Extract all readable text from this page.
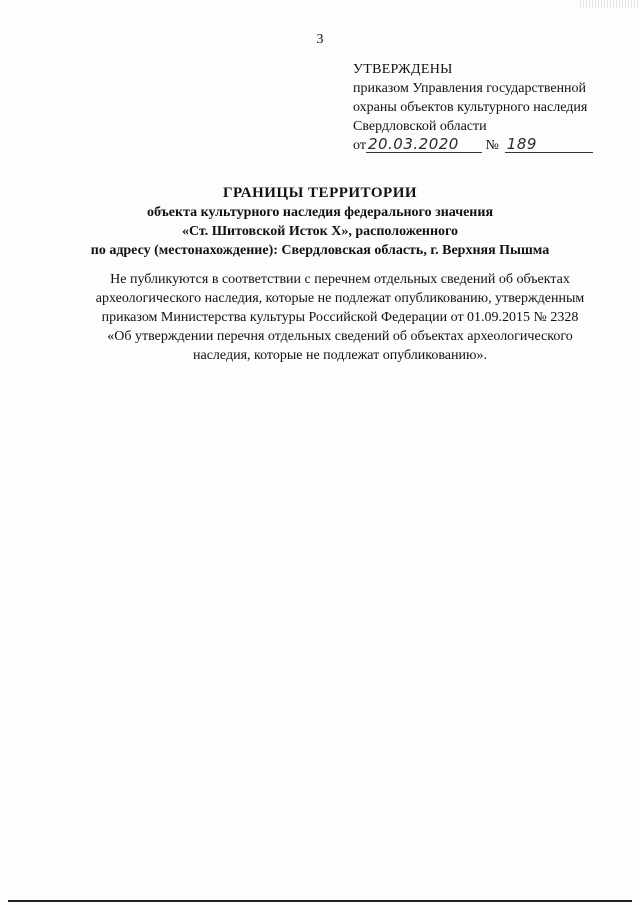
3
УТВЕРЖДЕНЫ
приказом Управления государственной
охраны объектов культурного наследия
Свердловской области
от 20.03.2020 № 189
ГРАНИЦЫ ТЕРРИТОРИИ
объекта культурного наследия федерального значения
«Ст. Шитовской Исток Х», расположенного
по адресу (местонахождение): Свердловская область, г. Верхняя Пышма
Не публикуются в соответствии с перечнем отдельных сведений об объектах
археологического наследия, которые не подлежат опубликованию, утвержденным
приказом Министерства культуры Российской Федерации от 01.09.2015 № 2328
«Об утверждении перечня отдельных сведений об объектах археологического
наследия, которые не подлежат опубликованию».
